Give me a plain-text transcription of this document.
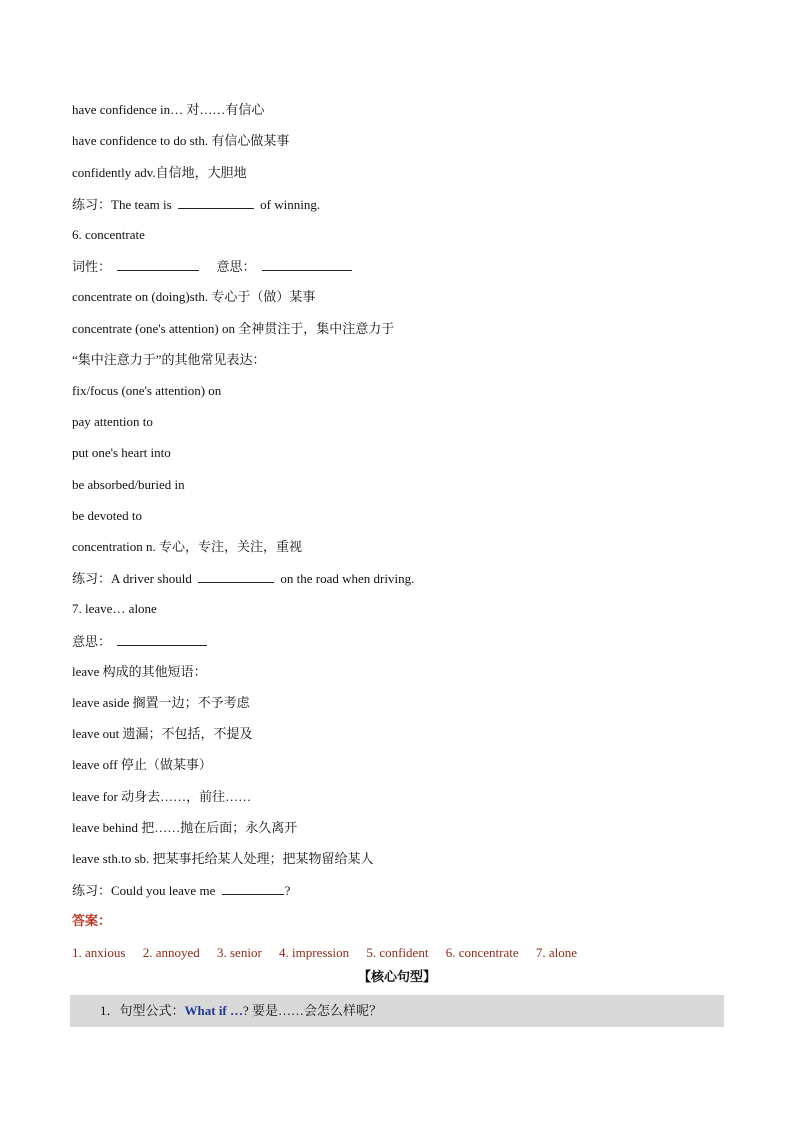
have confidence in… 对……有信心
have confidence to do sth. 有信心做某事
confidently adv.自信地，大胆地
练习：The team is	of winning.
6. concentrate
词性：	意思：
concentrate on (doing)sth. 专心于（做）某事
concentrate (one's attention) on 全神贯注于，集中注意力于
“集中注意力于”的其他常见表达：
fix/focus (one's attention) on
pay attention to
put one's heart into
be absorbed/buried in
be devoted to
concentration n. 专心，专注，关注，重视
练习：A driver should	on the road when driving.
7. leave… alone
意思：
leave 构成的其他短语：
leave aside 搁置一边；不予考虑
leave out 遗漏；不包括，不提及
leave off 停止（做某事）
leave for 动身去……，前往……
leave behind 把……抛在后面；永久离开
leave sth.to sb. 把某事托给某人处理；把某物留给某人
练习：Could you leave me	?
答案：
1. anxious 2. annoyed 3. senior 4. impression 5. confident 6. concentrate 7. alone
【核心句型】
1．句型公式：What if …? 要是……会怎么样呢？
